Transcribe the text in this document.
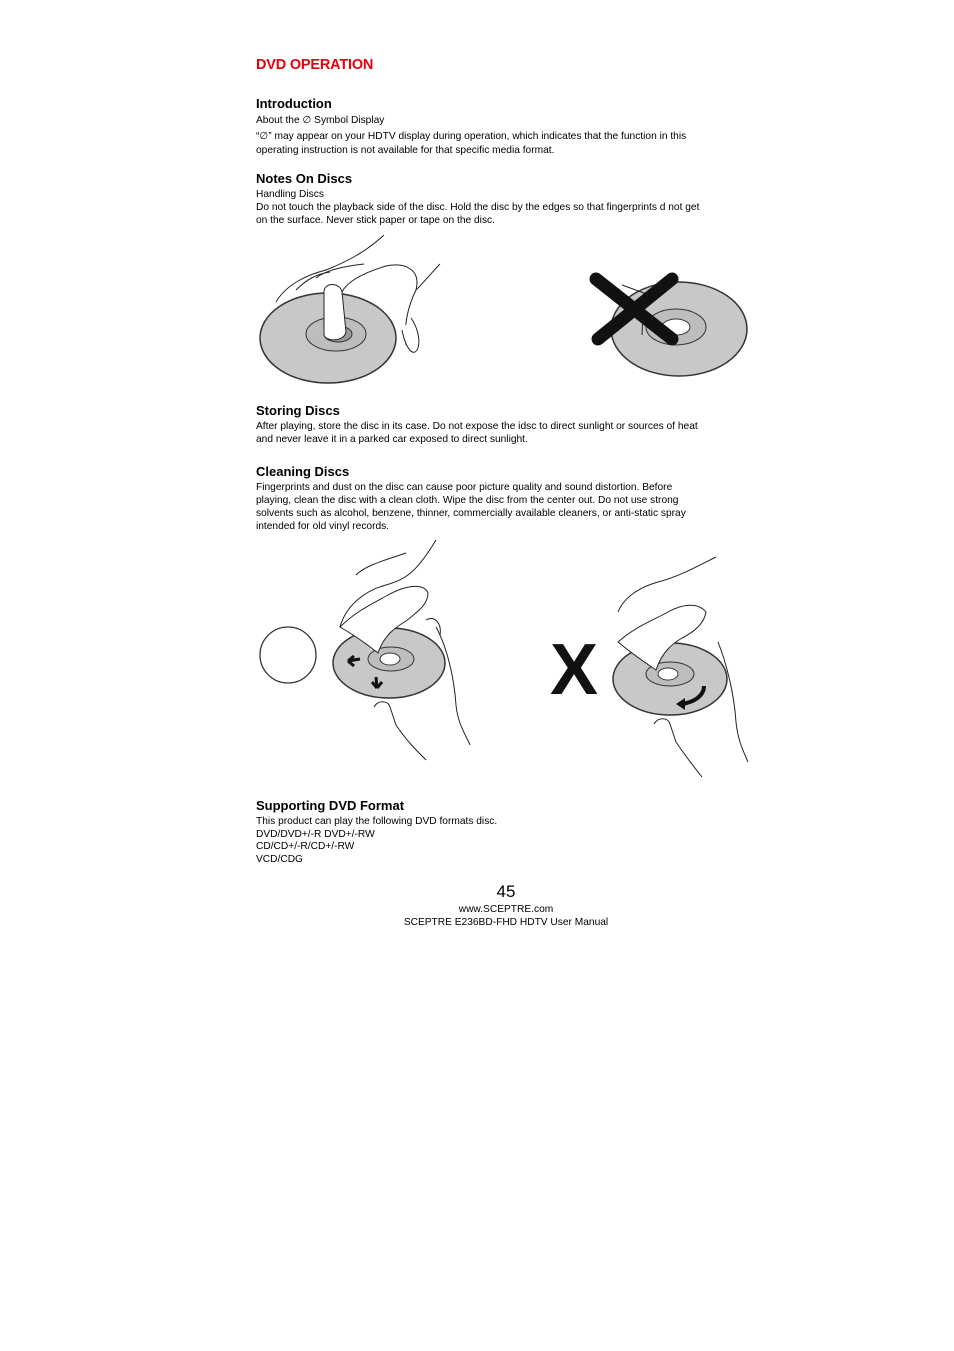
DVD OPERATION
Introduction
About the ∅ Symbol Display
“∅” may appear on your HDTV display during operation, which indicates that the function in this
operating instruction is not available for that specific media format.
Notes On Discs
Handling Discs
Do not touch the playback side of the disc. Hold the disc by the edges so that fingerprints d not get
on the surface. Never stick paper or tape on the disc.
Storing Discs
After playing, store the disc in its case. Do not expose the idsc to direct sunlight or sources of heat
and never leave it in a parked car exposed to direct sunlight.
Cleaning Discs
Fingerprints and dust on the disc can cause poor picture quality and sound distortion. Before
playing, clean the disc with a clean cloth. Wipe the disc from the center out. Do not use strong
solvents such as alcohol, benzene, thinner, commercially available cleaners, or anti-static spray
intended for old vinyl records.
X
Supporting DVD Format
This product can play the following DVD formats disc.
DVD/DVD+/-R DVD+/-RW
CD/CD+/-R/CD+/-RW
VCD/CDG
45
www.SCEPTRE.com
SCEPTRE E236BD-FHD HDTV User Manual
